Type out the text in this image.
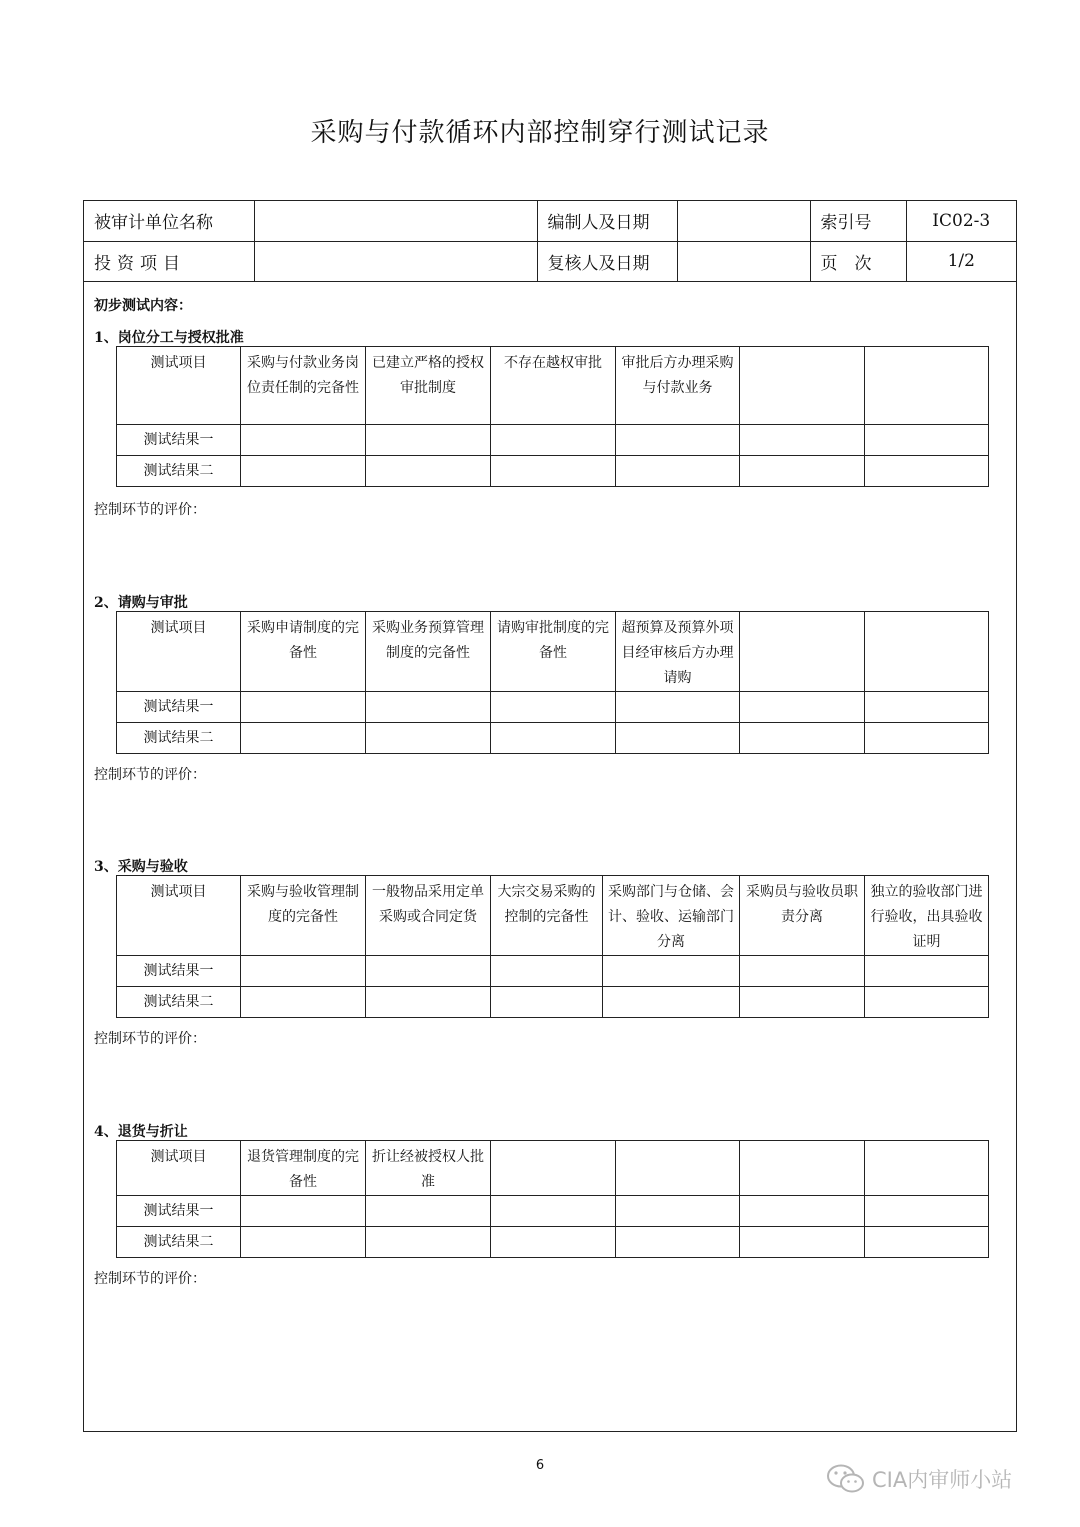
采购与付款循环内部控制穿行测试记录
被审计单位名称		编制人及日期		索引号	IC02-3
投资项目		复核人及日期		页　次	1/2
初步测试内容：
1、岗位分工与授权批准
测试项目	采购与付款业务岗位责任制的完备性	已建立严格的授权审批制度	不存在越权审批	审批后方办理采购与付款业务		
测试结果一						
测试结果二						
控制环节的评价：
2、请购与审批
测试项目	采购申请制度的完备性	采购业务预算管理制度的完备性	请购审批制度的完备性	超预算及预算外项目经审核后方办理请购		
测试结果一						
测试结果二						
控制环节的评价：
3、采购与验收
测试项目	采购与验收管理制度的完备性	一般物品采用定单采购或合同定货	大宗交易采购的控制的完备性	采购部门与仓储、会计、验收、运输部门分离	采购员与验收员职责分离	独立的验收部门进行验收，出具验收证明
测试结果一						
测试结果二						
控制环节的评价：
4、退货与折让
测试项目	退货管理制度的完备性	折让经被授权人批准				
测试结果一						
测试结果二						
控制环节的评价：
6
CIA内审师小站
